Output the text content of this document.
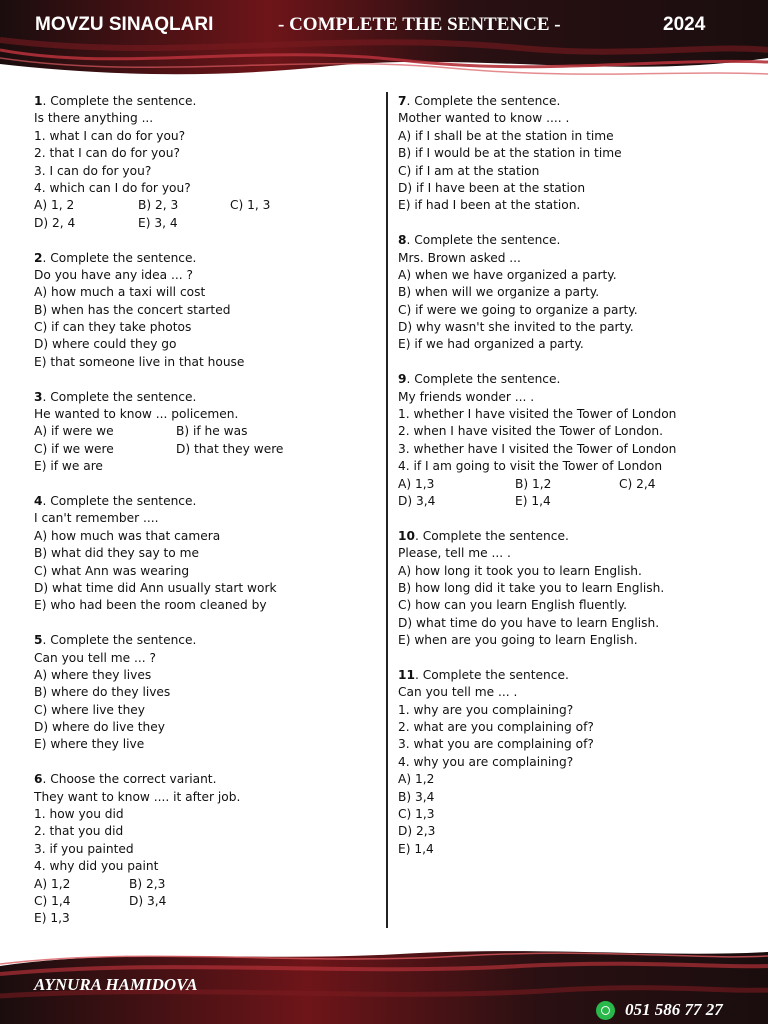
MOVZU SINAQLARI	- COMPLETE THE SENTENCE -	2024
1. Complete the sentence.
Is there anything ...
1. what I can do for you?
2. that I can do for you?
3. I can do for you?
4. which can I do for you?
A) 1, 2	B) 2, 3	C) 1, 3
D) 2, 4	E) 3, 4
2. Complete the sentence.
Do you have any idea ... ?
A) how much a taxi will cost
B) when has the concert started
C) if can they take photos
D) where could they go
E) that someone live in that house
3. Complete the sentence.
He wanted to know ... policemen.
A) if were we	B) if he was
C) if we were	D) that they were
E) if we are
4. Complete the sentence.
I can't remember ....
A) how much was that camera
B) what did they say to me
C) what Ann was wearing
D) what time did Ann usually start work
E) who had been the room cleaned by
5. Complete the sentence.
Can you tell me ... ?
A) where they lives
B) where do they lives
C) where live they
D) where do live they
E) where they live
6. Choose the correct variant.
They want to know .... it after job.
1. how you did
2. that you did
3. if you painted
4. why did you paint
A) 1,2	B) 2,3
C) 1,4	D) 3,4
E) 1,3
7. Complete the sentence.
Mother wanted to know .... .
A) if I shall be at the station in time
B) if I would be at the station in time
C) if I am at the station
D) if I have been at the station
E) if had I been at the station.
8. Complete the sentence.
Mrs. Brown asked ...
A) when we have organized a party.
B) when will we organize a party.
C) if were we going to organize a party.
D) why wasn't she invited to the party.
E) if we had organized a party.
9. Complete the sentence.
My friends wonder ... .
1. whether I have visited the Tower of London
2. when I have visited the Tower of London.
3. whether have I visited the Tower of London
4. if I am going to visit the Tower of London
A) 1,3	B) 1,2	C) 2,4
D) 3,4	E) 1,4
10. Complete the sentence.
Please, tell me ... .
A) how long it took you to learn English.
B) how long did it take you to learn English.
C) how can you learn English fluently.
D) what time do you have to learn English.
E) when are you going to learn English.
11. Complete the sentence.
Can you tell me ... .
1. why are you complaining?
2. what are you complaining of?
3. what you are complaining of?
4. why you are complaining?
A) 1,2
B) 3,4
C) 1,3
D) 2,3
E) 1,4
AYNURA HAMIDOVA
051 586 77 27
